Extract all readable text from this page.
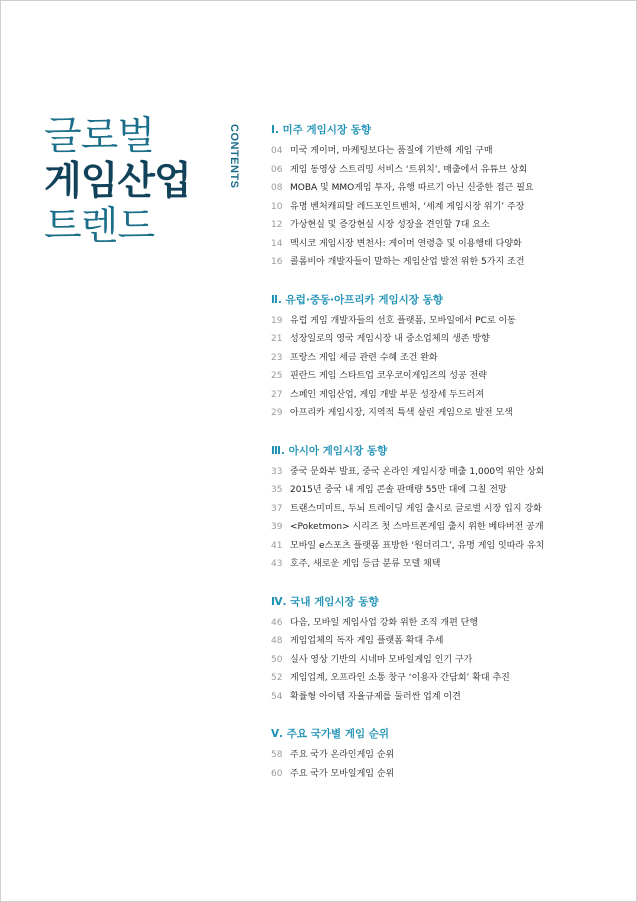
글로벌
게임산업
트렌드
CONTENTS	Ⅰ. 미주 게임시장 동향
04 미국 게이머, 마케팅보다는 품질에 기반해 게임 구매
06 게임 동영상 스트리밍 서비스 ‘트위치’, 매출에서 유튜브 상회
08 MOBA 및 MMO게임 투자, 유행 따르기 아닌 신중한 접근 필요
10 유명 벤처캐피탈 레드포인트벤처, ‘세계 게임시장 위기’ 주장
12 가상현실 및 증강현실 시장 성장을 견인할 7대 요소
14 멕시코 게임시장 변천사: 게이머 연령층 및 이용행태 다양화
16 콜롬비아 개발자들이 말하는 게임산업 발전 위한 5가지 조건
Ⅱ. 유럽·중동·아프리카 게임시장 동향
19 유럽 게임 개발자들의 선호 플랫폼, 모바일에서 PC로 이동
21 성장일로의 영국 게임시장 내 중소업체의 생존 방향
23 프랑스 게임 세금 관련 수혜 조건 완화
25 핀란드 게임 스타트업 코우코이게임즈의 성공 전략
27 스페인 게임산업, 게임 개발 부문 성장세 두드러져
29 아프리카 게임시장, 지역적 특색 살린 게임으로 발전 모색
Ⅲ. 아시아 게임시장 동향
33 중국 문화부 발표, 중국 온라인 게임시장 매출 1,000억 위안 상회
35 2015년 중국 내 게임 콘솔 판매량 55만 대에 그칠 전망
37 트랜스미미트, 두뇌 트레이딩 게임 출시로 글로벌 시장 입지 강화
39 <Poketmon> 시리즈 첫 스마트폰게임 출시 위한 베타버전 공개
41 모바일 e스포츠 플랫폼 표방한 ‘원더리그’, 유명 게임 잇따라 유치
43 호주, 새로운 게임 등급 분류 모델 채택
Ⅳ. 국내 게임시장 동향
46 다음, 모바일 게임사업 강화 위한 조직 개편 단행
48 게임업체의 독자 게임 플랫폼 확대 추세
50 실사 영상 기반의 시네마 모바일게임 인기 구가
52 게임업계, 오프라인 소통 창구 ‘이용자 간담회’ 확대 추진
54 확률형 아이템 자율규제를 둘러싼 업계 이견
Ⅴ. 주요 국가별 게임 순위
58 주요 국가 온라인게임 순위
60 주요 국가 모바일게임 순위
